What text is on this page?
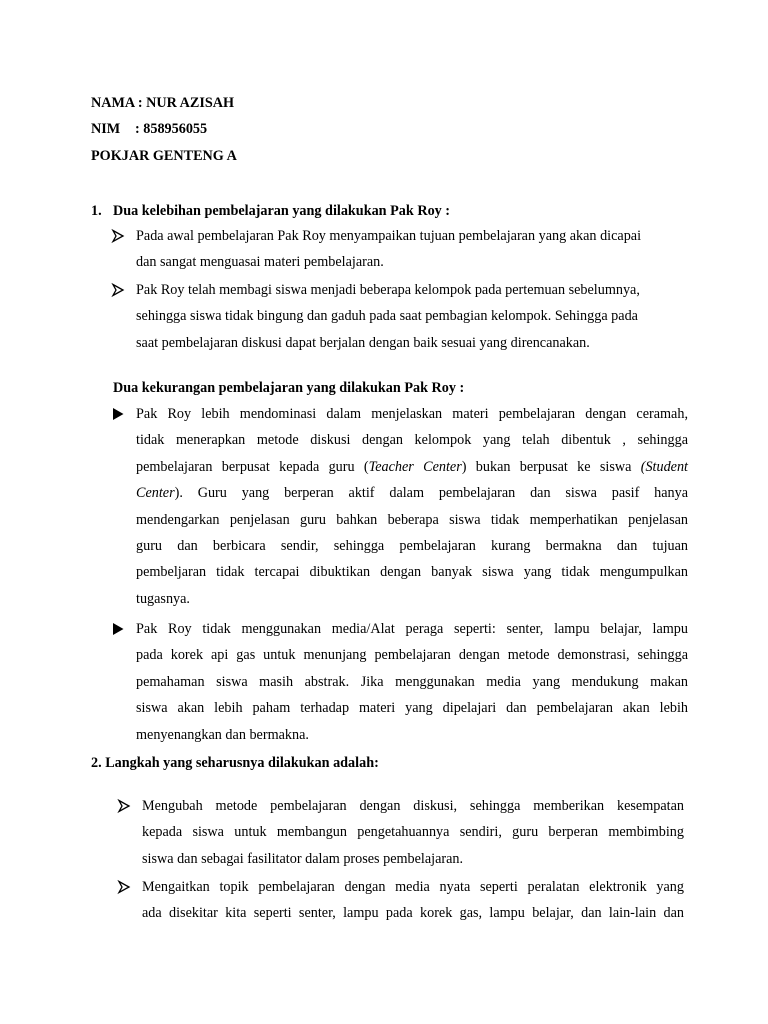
NAMA : NUR AZISAH
NIM : 858956055
POKJAR GENTENG A
1. Dua kelebihan pembelajaran yang dilakukan Pak Roy :

Pada awal pembelajaran Pak Roy menyampaikan tujuan pembelajaran yang akan dicapai

dan sangat menguasai materi pembelajaran.

Pak Roy telah membagi siswa menjadi beberapa kelompok pada pertemuan sebelumnya,

sehingga siswa tidak bingung dan gaduh pada saat pembagian kelompok. Sehingga pada

saat pembelajaran diskusi dapat berjalan dengan baik sesuai yang direncanakan.

Dua kekurangan pembelajaran yang dilakukan Pak Roy :

Pak Roy lebih mendominasi dalam menjelaskan materi pembelajaran dengan ceramah,

tidak menerapkan metode diskusi dengan kelompok yang telah dibentuk , sehingga

pembelajaran berpusat kepada guru (Teacher Center) bukan berpusat ke siswa (Student

Center). Guru yang berperan aktif dalam pembelajaran dan siswa pasif hanya

mendengarkan penjelasan guru bahkan beberapa siswa tidak memperhatikan penjelasan

guru dan berbicara sendir, sehingga pembelajaran kurang bermakna dan tujuan

pembeljaran tidak tercapai dibuktikan dengan banyak siswa yang tidak mengumpulkan

tugasnya.

Pak Roy tidak menggunakan media/Alat peraga seperti: senter, lampu belajar, lampu

pada korek api gas untuk menunjang pembelajaran dengan metode demonstrasi, sehingga

pemahaman siswa masih abstrak. Jika menggunakan media yang mendukung makan

siswa akan lebih paham terhadap materi yang dipelajari dan pembelajaran akan lebih

menyenangkan dan bermakna.

2. Langkah yang seharusnya dilakukan adalah:

Mengubah metode pembelajaran dengan diskusi, sehingga memberikan kesempatan

kepada siswa untuk membangun pengetahuannya sendiri, guru berperan membimbing

siswa dan sebagai fasilitator dalam proses pembelajaran.

Mengaitkan topik pembelajaran dengan media nyata seperti peralatan elektronik yang

ada disekitar kita seperti senter, lampu pada korek gas, lampu belajar, dan lain-lain dan
